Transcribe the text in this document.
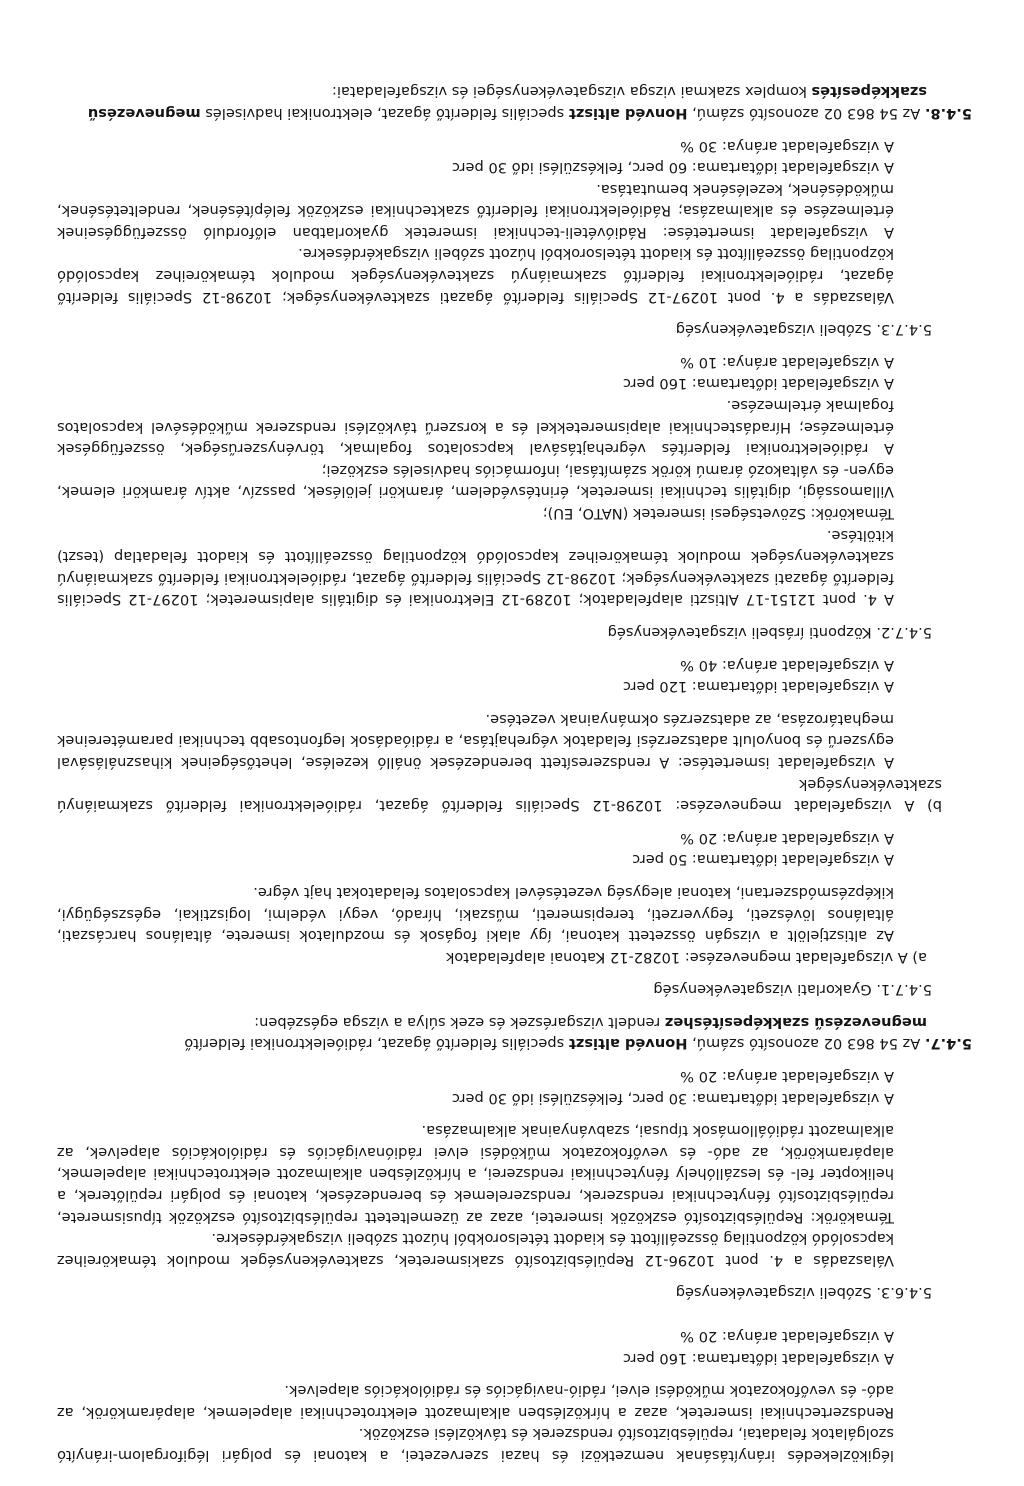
légiközlekedés irányításának nemzetközi és hazai szervezetei, a katonai és polgári légiforgalom-irányító szolgálatok feladatai, repülésbiztosító rendszerek és távközlési eszközök.

Rendszertechnikai ismeretek, azaz a hírközlésben alkalmazott elektrotechnikai alapelemek, alapáramkörök, az adó- és vevőfokozatok működési elvei, rádió-navigációs és rádiólokációs alapelvek.

A vizsgafeladat időtartama: 160 perc

A vizsgafeladat aránya: 20 %

5.4.6.3. Szóbeli vizsgatevékenység

Válaszadás a 4. pont 10296-12 Repülésbiztosító szakismeretek, szaktevékenységek modulok témaköreihez kapcsolódó központilag összeállított és kiadott tételsorokból húzott szóbeli vizsgakérdésekre.

Témakörök: Repülésbiztosító eszközök ismeretei, azaz az üzemeltetett repülésbiztosító eszközök típusismerete, repülésbiztosító fénytechnikai rendszerek, rendszerelemek és berendezések, katonai és polgári repülőterek, a helikopter fel- és leszállóhely fénytechnikai rendszerei, a hírközlésben alkalmazott elektrotechnikai alapelemek, alapáramkörök, az adó- és vevőfokozatok működési elvei rádiónavigációs és rádiólokációs alapelvek, az alkalmazott rádióállomások típusai, szabványainak alkalmazása.

A vizsgafeladat időtartama: 30 perc, felkészülési idő 30 perc

A vizsgafeladat aránya: 20 %

5.4.7. Az 54 863 02 azonosító számú, Honvéd altiszt speciális felderítő ágazat, rádióelektronikai felderítő

megnevezésű szakképesítéshez rendelt vizsgarészek és ezek súlya a vizsga egészében:

5.4.7.1. Gyakorlati vizsgatevékenység

a) A vizsgafeladat megnevezése: 10282-12 Katonai alapfeladatok

Az altisztjelölt a vizsgán összetett katonai, így alaki fogások és mozdulatok ismerete, általános harcászati, általános lövészeti, fegyverzeti, terepismereti, műszaki, híradó, vegyi védelmi, logisztikai, egészségügyi, kiképzésmódszertani, katonai alegység vezetésével kapcsolatos feladatokat hajt végre.

A vizsgafeladat időtartama: 50 perc

A vizsgafeladat aránya: 20 %

b) A vizsgafeladat megnevezése: 10298-12 Speciális felderítő ágazat, rádióelektronikai felderítő szakmaiányú szaktevékenységek

A vizsgafeladat ismertetése: A rendszeresített berendezések önálló kezelése, lehetőségeinek kihasználásával egyszerű és bonyolult adatszerzési feladatok végrehajtása, a rádióadások legfontosabb technikai paramétereinek meghatározása, az adatszerzés okmányainak vezetése.

A vizsgafeladat időtartama: 120 perc

A vizsgafeladat aránya: 40 %

5.4.7.2. Központi írásbeli vizsgatevékenység

A 4. pont 12151-17 Altiszti alapfeladatok; 10289-12 Elektronikai és digitális alapismeretek; 10297-12 Speciális felderítő ágazati szaktevékenységek; 10298-12 Speciális felderítő ágazat, rádióelektronikai felderítő szakmaiányú szaktevékenységek modulok témaköreihez kapcsolódó központilag összeállított és kiadott feladatlap (teszt) kitöltése.

Témakörök: Szövetségesi ismeretek (NATO, EU);

Villamossági, digitális technikai ismeretek, érintésvédelem, áramköri jelölések, passzív, aktív áramköri elemek, egyen- és váltakozó áramú körök számításai, információs hadviselés eszközei;

A rádióelektronikai felderítés végrehajtásával kapcsolatos fogalmak, törvényszerűségek, összefüggések értelmezése; Híradástechnikai alapismeretekkel és a korszerű távközlési rendszerek működésével kapcsolatos fogalmak értelmezése.

A vizsgafeladat időtartama: 160 perc

A vizsgafeladat aránya: 10 %

5.4.7.3. Szóbeli vizsgatevékenység

Válaszadás a 4. pont 10297-12 Speciális felderítő ágazati szaktevékenységek; 10298-12 Speciális felderítő ágazat, rádióelektronikai felderítő szakmaiányú szaktevékenységek modulok témaköreihez kapcsolódó központilag összeállított és kiadott tételsorokból húzott szóbeli vizsgakérdésekre.

A vizsgafeladat ismertetése: Rádióvételi-technikai ismeretek gyakorlatban előforduló összefüggéseinek értelmezése és alkalmazása; Rádióelektronikai felderítő szaktechnikai eszközök felépítésének, rendeltetésének, működésének, kezelésének bemutatása.

A vizsgafeladat időtartama: 60 perc, felkészülési idő 30 perc

A vizsgafeladat aránya: 30 %

5.4.8. Az 54 863 02 azonosító számú, Honvéd altiszt speciális felderítő ágazat, elektronikai hadviselés megnevezésű

szakképesítés komplex szakmai vizsga vizsgatevékenységei és vizsgafeladatai:
